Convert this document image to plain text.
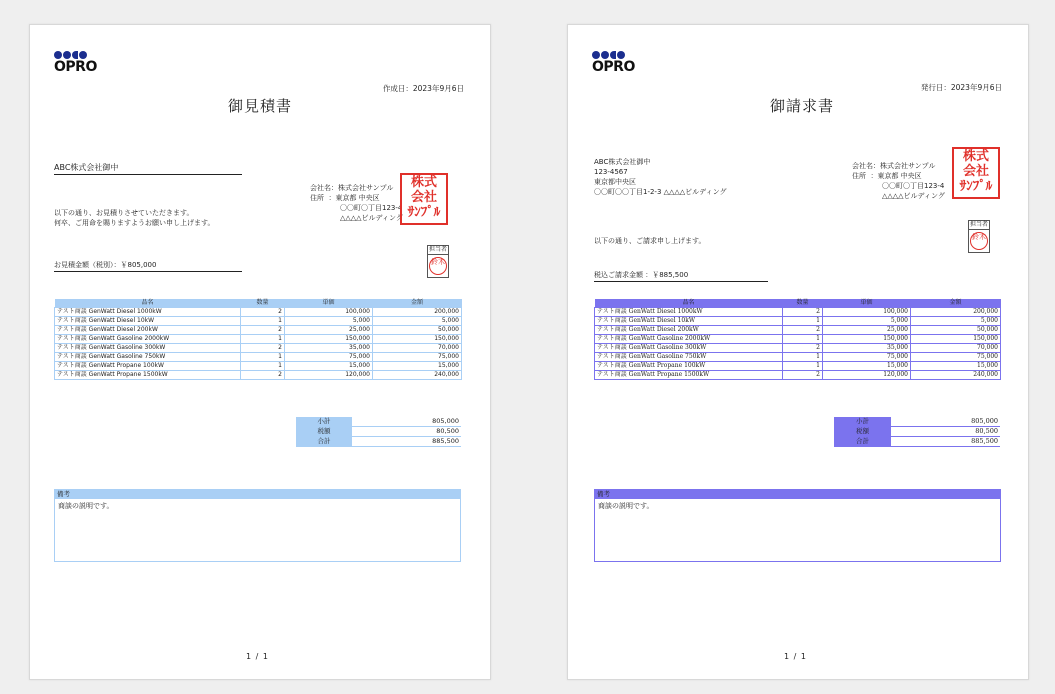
OPRO
作成日：2023年9月6日
御見積書
ABC株式会社御中
会社名：株式会社サンプル
住所 ：東京都 中央区
〇〇町〇丁目123-4
△△△△ビルディング
株式
会社
ｻﾝﾌﾟﾙ
以下の通り、お見積りさせていただきます。
何卒、ご用命を賜りますようお願い申し上げます。
担当者
鈴木
お見積金額（税別）：￥805,000
品名	数量	単価	金額
テスト商談 GenWatt Diesel 1000kW	2	100,000	200,000
テスト商談 GenWatt Diesel 10kW	1	5,000	5,000
テスト商談 GenWatt Diesel 200kW	2	25,000	50,000
テスト商談 GenWatt Gasoline 2000kW	1	150,000	150,000
テスト商談 GenWatt Gasoline 300kW	2	35,000	70,000
テスト商談 GenWatt Gasoline 750kW	1	75,000	75,000
テスト商談 GenWatt Propane 100kW	1	15,000	15,000
テスト商談 GenWatt Propane 1500kW	2	120,000	240,000
小計	805,000
税額	80,500
合計	885,500
備考
商談の説明です。
1 / 1
OPRO
発行日：2023年9月6日
御請求書
ABC株式会社御中
123-4567
東京都中央区
〇〇町〇〇丁目1-2-3 △△△△ビルディング
会社名：株式会社サンプル
住所 ：東京都 中央区
〇〇町〇丁目123-4
△△△△ビルディング
株式
会社
ｻﾝﾌﾟﾙ
担当者
鈴木
以下の通り、ご請求申し上げます。
税込ご請求金額 ：￥885,500
品名	数量	単価	金額
テスト商談 GenWatt Diesel 1000kW	2	100,000	200,000
テスト商談 GenWatt Diesel 10kW	1	5,000	5,000
テスト商談 GenWatt Diesel 200kW	2	25,000	50,000
テスト商談 GenWatt Gasoline 2000kW	1	150,000	150,000
テスト商談 GenWatt Gasoline 300kW	2	35,000	70,000
テスト商談 GenWatt Gasoline 750kW	1	75,000	75,000
テスト商談 GenWatt Propane 100kW	1	15,000	15,000
テスト商談 GenWatt Propane 1500kW	2	120,000	240,000
小計	805,000
税額	80,500
合計	885,500
備考
商談の説明です。
1 / 1
